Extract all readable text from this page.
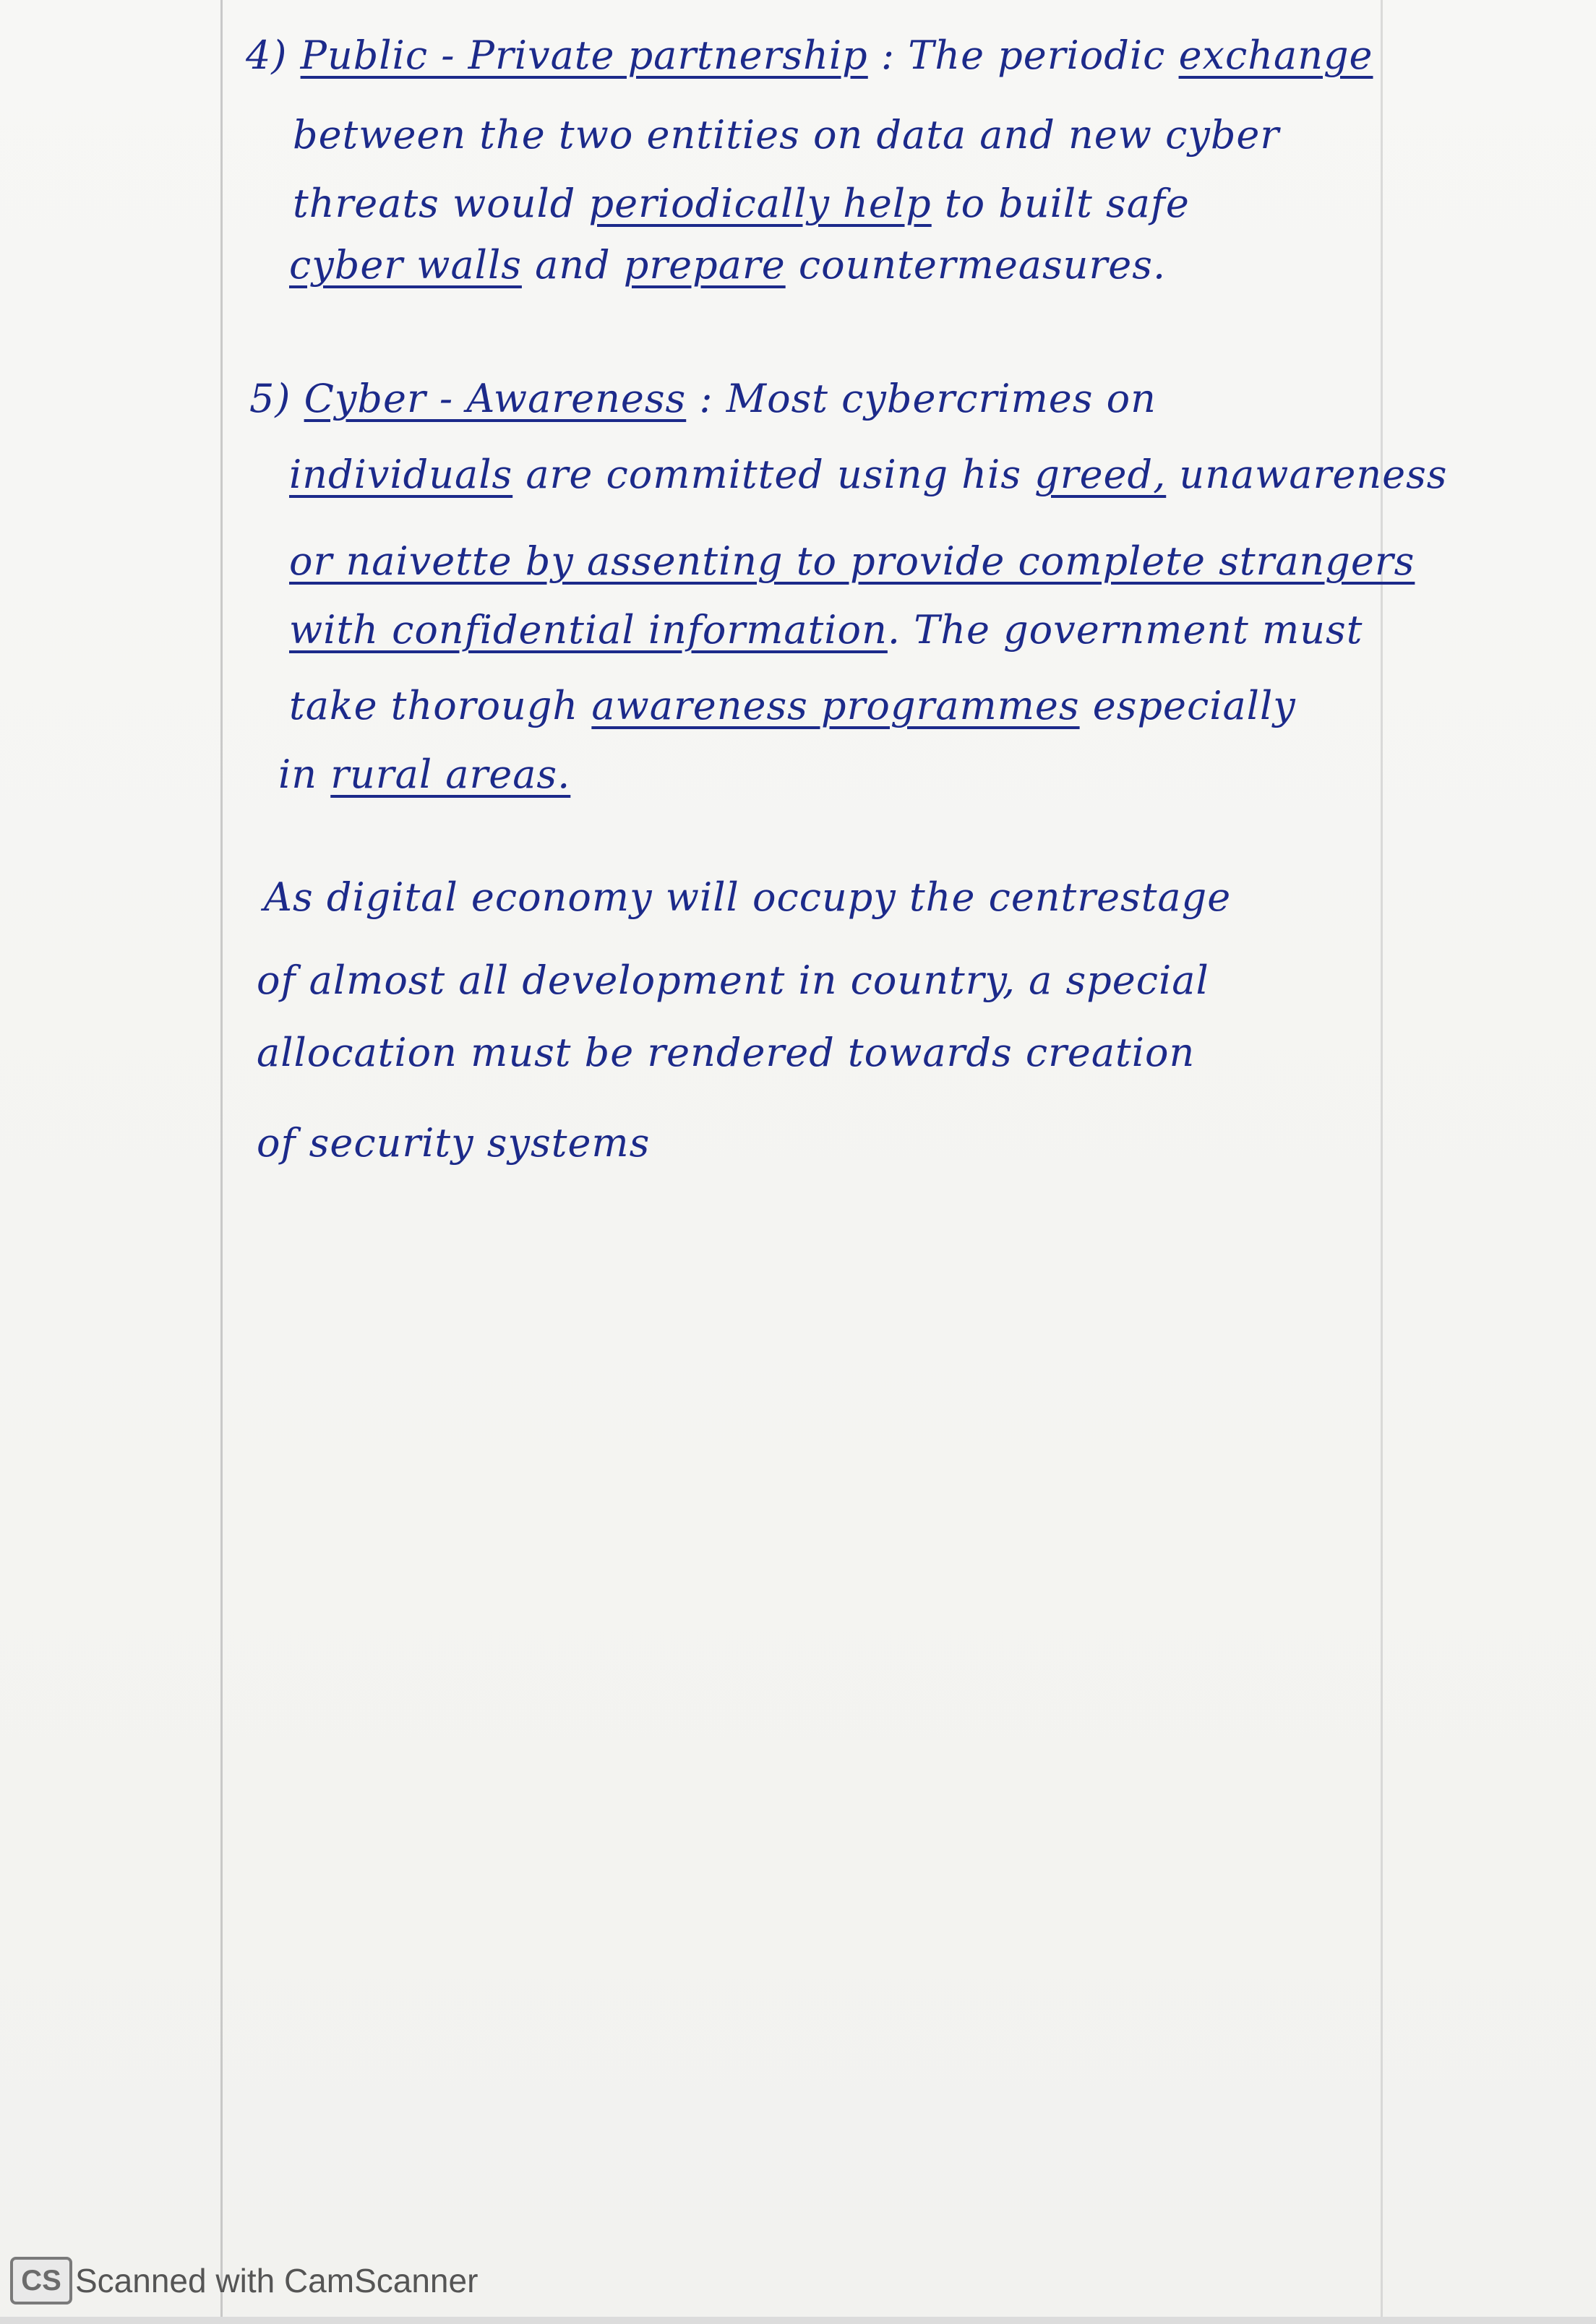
4) Public - Private partnership : The periodic exchange

between the two entities on data and new cyber

threats would periodically help to built safe

cyber walls and prepare countermeasures.

5) Cyber - Awareness : Most cybercrimes on

individuals are committed using his greed, unawareness

or naivette by assenting to provide complete strangers

with confidential information. The government must

take thorough awareness programmes especially

in rural areas.

As digital economy will occupy the centrestage

of almost all development in country, a special

allocation must be rendered towards creation

of security systems

CS Scanned with CamScanner
